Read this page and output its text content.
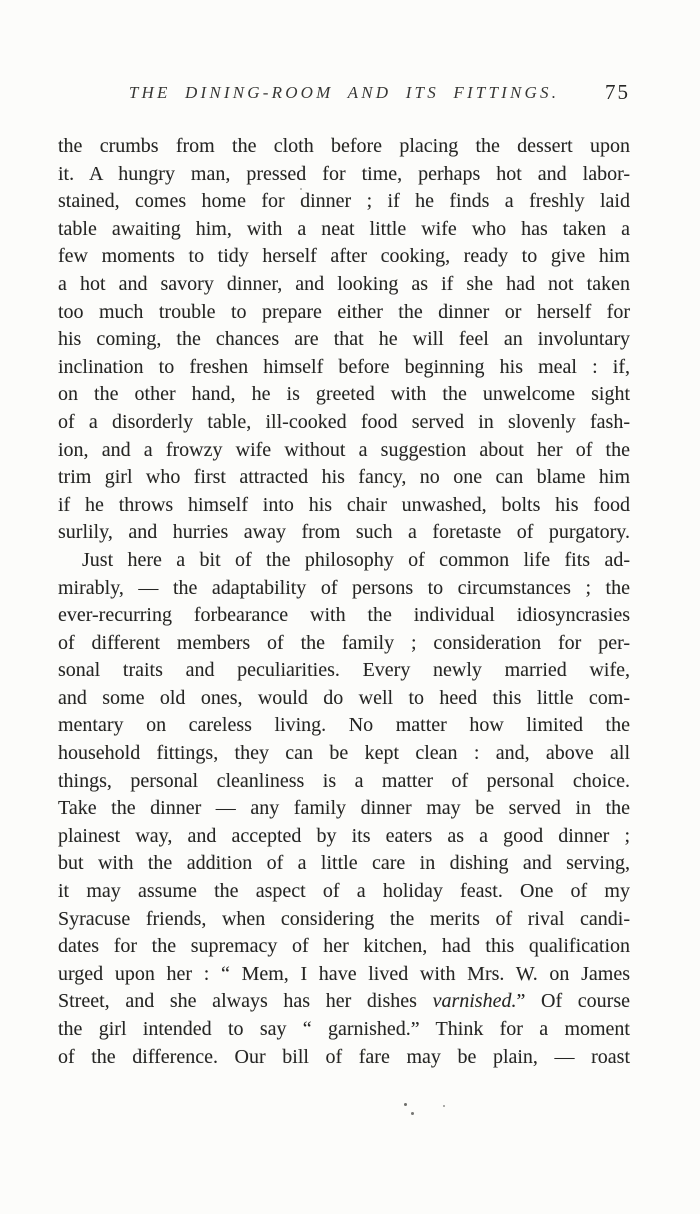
THE DINING-ROOM AND ITS FITTINGS. 75
the crumbs from the cloth before placing the dessert upon
it. A hungry man, pressed for time, perhaps hot and labor-
stained, comes home for dinner ; if he finds a freshly laid
table awaiting him, with a neat little wife who has taken a
few moments to tidy herself after cooking, ready to give him
a hot and savory dinner, and looking as if she had not taken
too much trouble to prepare either the dinner or herself for
his coming, the chances are that he will feel an involuntary
inclination to freshen himself before beginning his meal : if,
on the other hand, he is greeted with the unwelcome sight
of a disorderly table, ill-cooked food served in slovenly fash-
ion, and a frowzy wife without a suggestion about her of the
trim girl who first attracted his fancy, no one can blame him
if he throws himself into his chair unwashed, bolts his food
surlily, and hurries away from such a foretaste of purgatory.
Just here a bit of the philosophy of common life fits ad-
mirably, — the adaptability of persons to circumstances ; the
ever-recurring forbearance with the individual idiosyncrasies
of different members of the family ; consideration for per-
sonal traits and peculiarities. Every newly married wife,
and some old ones, would do well to heed this little com-
mentary on careless living. No matter how limited the
household fittings, they can be kept clean : and, above all
things, personal cleanliness is a matter of personal choice.
Take the dinner — any family dinner may be served in the
plainest way, and accepted by its eaters as a good dinner ;
but with the addition of a little care in dishing and serving,
it may assume the aspect of a holiday feast. One of my
Syracuse friends, when considering the merits of rival candi-
dates for the supremacy of her kitchen, had this qualification
urged upon her : “ Mem, I have lived with Mrs. W. on James
Street, and she always has her dishes varnished.” Of course
the girl intended to say “ garnished.” Think for a moment
of the difference. Our bill of fare may be plain, — roast
